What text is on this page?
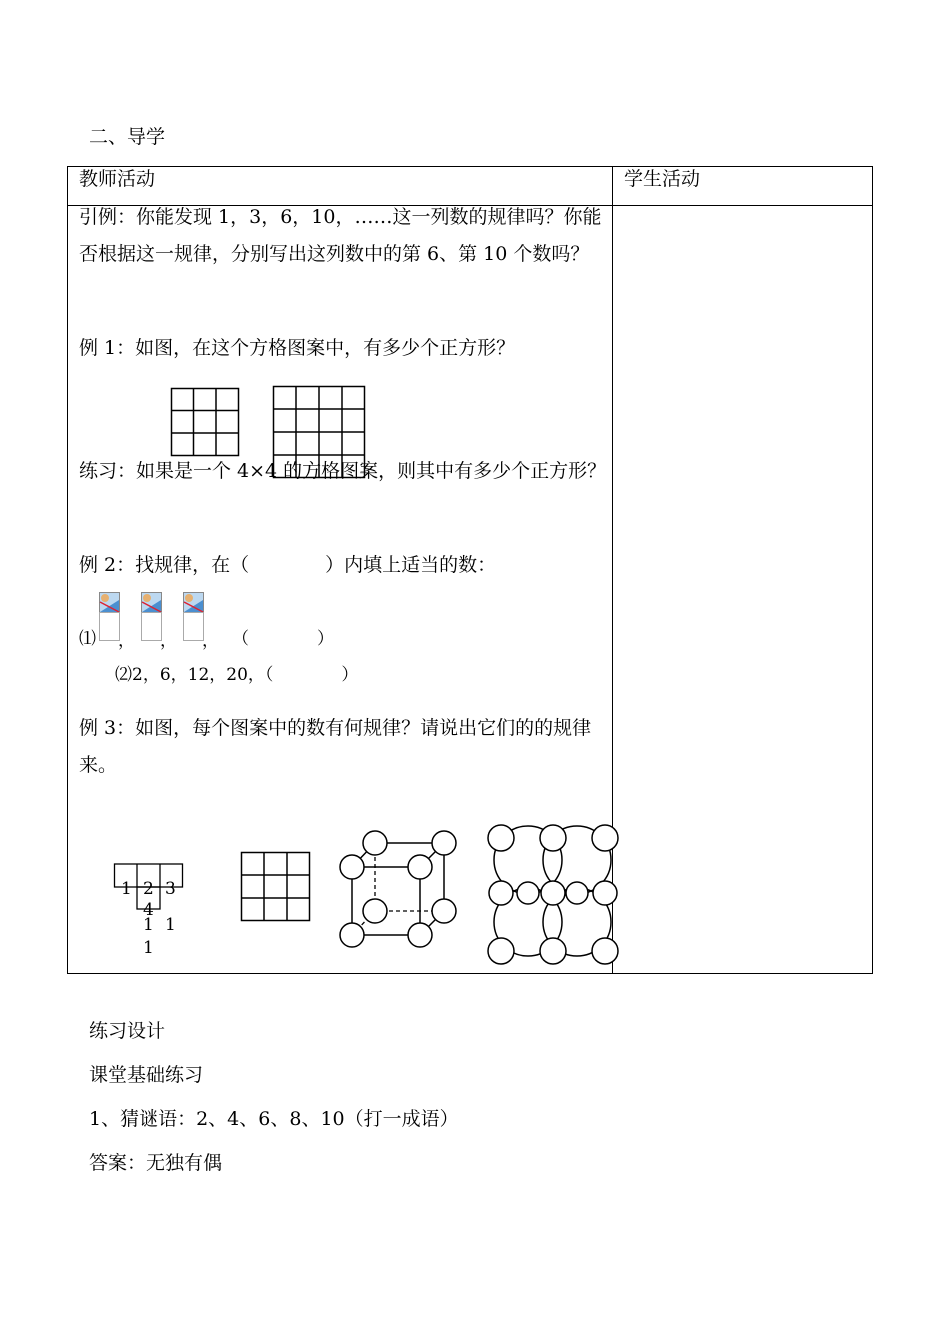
二、导学
教师活动	学生活动
引例：你能发现 1，3，6，10，……这一列数的规律吗？你能否根据这一规律，分别写出这列数中的第 6、第 10 个数吗？
例 1：如图，在这个方格图案中，有多少个正方形？
练习：如果是一个 4×4 的方格图案，则其中有多少个正方形？
例 2：找规律，在（　　　　）内填上适当的数：
⑴ ， ， ， （　　　　）
⑵2，6，12，20，（　　　　）
例 3：如图，每个图案中的数有何规律？请说出它们的的规律来。
1 2 3
4
1 1
1
练习设计
课堂基础练习
1、猜谜语：2、4、6、8、10（打一成语）
答案：无独有偶
